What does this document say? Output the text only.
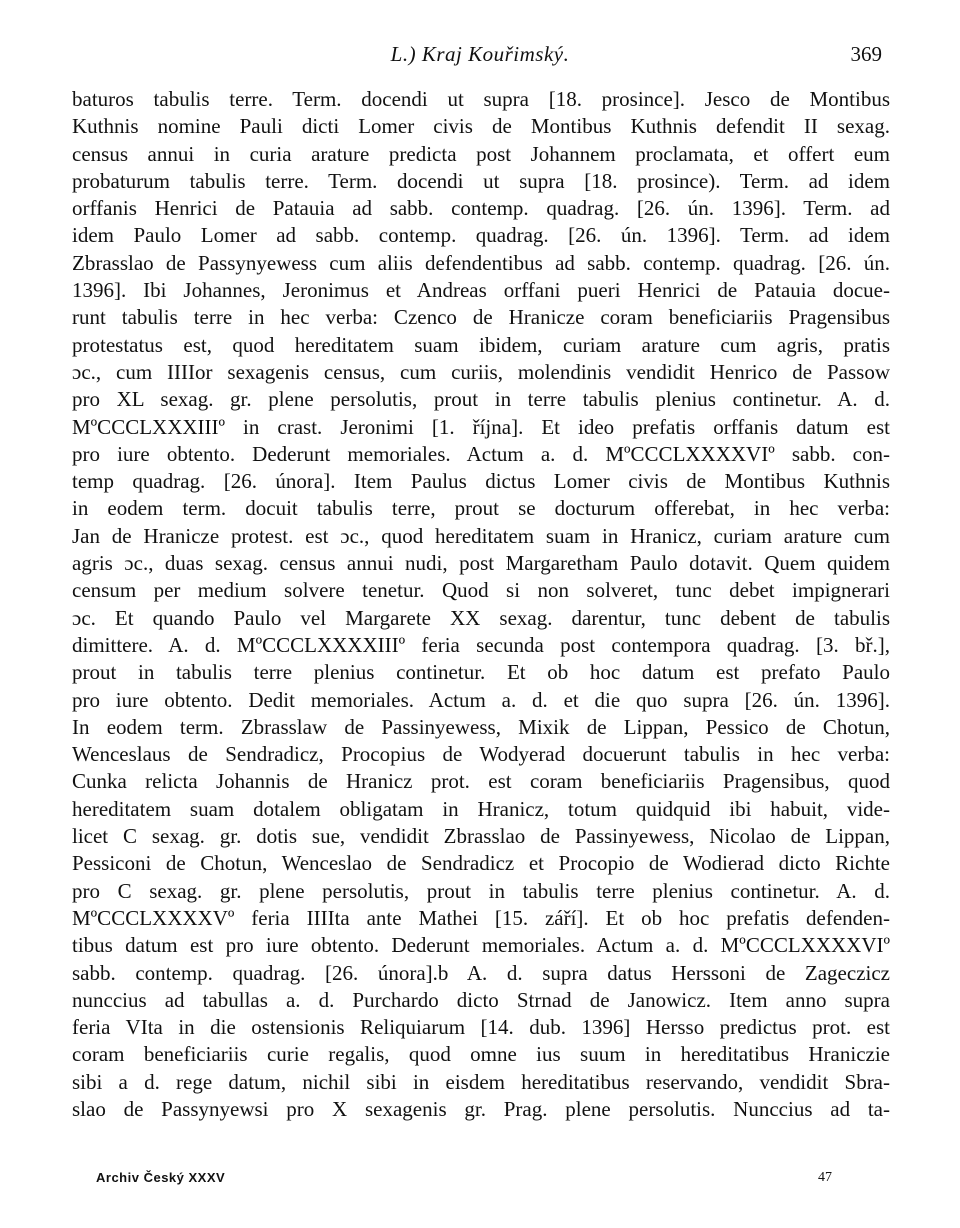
L.) Kraj Kouřimský.	369
baturos tabulis terre. Term. docendi ut supra [18. prosince]. Jesco de Montibus
Kuthnis nomine Pauli dicti Lomer civis de Montibus Kuthnis defendit II sexag.
census annui in curia arature predicta post Johannem proclamata, et offert eum
probaturum tabulis terre. Term. docendi ut supra [18. prosince). Term. ad idem
orffanis Henrici de Patauia ad sabb. contemp. quadrag. [26. ún. 1396]. Term. ad
idem Paulo Lomer ad sabb. contemp. quadrag. [26. ún. 1396]. Term. ad idem
Zbrasslao de Passynyewess cum aliis defendentibus ad sabb. contemp. quadrag. [26. ún.
1396]. Ibi Johannes, Jeronimus et Andreas orffani pueri Henrici de Patauia docue-
runt tabulis terre in hec verba: Czenco de Hranicze coram beneficiariis Pragensibus
protestatus est, quod hereditatem suam ibidem, curiam arature cum agris, pratis
ɔc., cum IIIIor sexagenis census, cum curiis, molendinis vendidit Henrico de Passow
pro XL sexag. gr. plene persolutis, prout in terre tabulis plenius continetur. A. d.
MºCCCLXXXIIIº in crast. Jeronimi [1. října]. Et ideo prefatis orffanis datum est
pro iure obtento. Dederunt memoriales. Actum a. d. MºCCCLXXXXVIº sabb. con-
temp quadrag. [26. února]. Item Paulus dictus Lomer civis de Montibus Kuthnis
in eodem term. docuit tabulis terre, prout se docturum offerebat, in hec verba:
Jan de Hranicze protest. est ɔc., quod hereditatem suam in Hranicz, curiam arature cum
agris ɔc., duas sexag. census annui nudi, post Margaretham Paulo dotavit. Quem quidem
censum per medium solvere tenetur. Quod si non solveret, tunc debet impignerari
ɔc. Et quando Paulo vel Margarete XX sexag. darentur, tunc debent de tabulis
dimittere. A. d. MºCCCLXXXXIIIº feria secunda post contempora quadrag. [3. bř.],
prout in tabulis terre plenius continetur. Et ob hoc datum est prefato Paulo
pro iure obtento. Dedit memoriales. Actum a. d. et die quo supra [26. ún. 1396].
In eodem term. Zbrasslaw de Passinyewess, Mixik de Lippan, Pessico de Chotun,
Wenceslaus de Sendradicz, Procopius de Wodyerad docuerunt tabulis in hec verba:
Cunka relicta Johannis de Hranicz prot. est coram beneficiariis Pragensibus, quod
hereditatem suam dotalem obligatam in Hranicz, totum quidquid ibi habuit, vide-
licet C sexag. gr. dotis sue, vendidit Zbrasslao de Passinyewess, Nicolao de Lippan,
Pessiconi de Chotun, Wenceslao de Sendradicz et Procopio de Wodierad dicto Richte
pro C sexag. gr. plene persolutis, prout in tabulis terre plenius continetur. A. d.
MºCCCLXXXXVº feria IIIIta ante Mathei [15. září]. Et ob hoc prefatis defenden-
tibus datum est pro iure obtento. Dederunt memoriales. Actum a. d. MºCCCLXXXXVIº
sabb. contemp. quadrag. [26. února].b A. d. supra datus Herssoni de Zageczicz
nunccius ad tabullas a. d. Purchardo dicto Strnad de Janowicz. Item anno supra
feria VIta in die ostensionis Reliquiarum [14. dub. 1396] Hersso predictus prot. est
coram beneficiariis curie regalis, quod omne ius suum in hereditatibus Hraniczie
sibi a d. rege datum, nichil sibi in eisdem hereditatibus reservando, vendidit Sbra-
slao de Passynyewsi pro X sexagenis gr. Prag. plene persolutis. Nunccius ad ta-
Archiv Český XXXV	47
